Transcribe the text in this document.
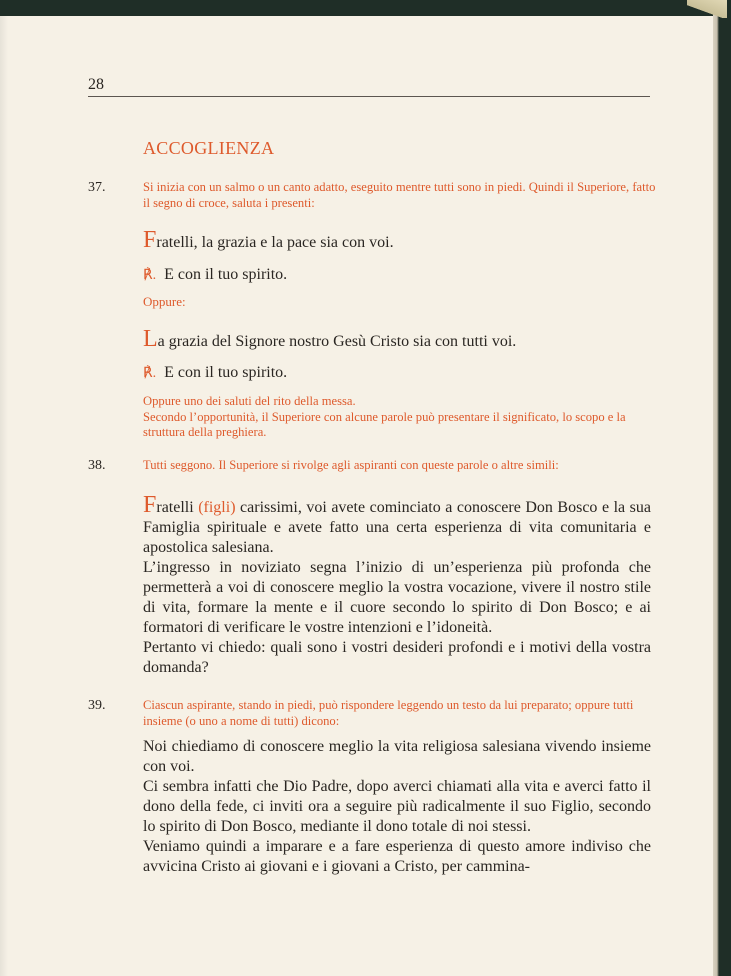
28
ACCOGLIENZA
37.	Si inizia con un salmo o un canto adatto, eseguito mentre tutti sono in piedi. Quindi il Superiore, fatto il segno di croce, saluta i presenti:
Fratelli, la grazia e la pace sia con voi.
℟. E con il tuo spirito.
Oppure:
La grazia del Signore nostro Gesù Cristo sia con tutti voi.
℟. E con il tuo spirito.

Oppure uno dei saluti del rito della messa.

Secondo l’opportunità, il Superiore con alcune parole può presentare il significato, lo scopo e la struttura della preghiera.

38.	Tutti seggono. Il Superiore si rivolge agli aspiranti con queste parole o altre simili:

Fratelli (figli) carissimi, voi avete cominciato a conoscere Don Bosco e la sua Famiglia spirituale e avete fatto una certa esperienza di vita comunitaria e apostolica salesiana.

L’ingresso in noviziato segna l’inizio di un’esperienza più profonda che permetterà a voi di conoscere meglio la vostra vocazione, vivere il nostro stile di vita, formare la mente e il cuore secondo lo spirito di Don Bosco; e ai formatori di verificare le vostre intenzioni e l’idoneità.

Pertanto vi chiedo: quali sono i vostri desideri profondi e i motivi della vostra domanda?

39.	Ciascun aspirante, stando in piedi, può rispondere leggendo un testo da lui preparato; oppure tutti insieme (o uno a nome di tutti) dicono:

Noi chiediamo di conoscere meglio la vita religiosa salesiana vivendo insieme con voi.

Ci sembra infatti che Dio Padre, dopo averci chiamati alla vita e averci fatto il dono della fede, ci inviti ora a seguire più radicalmente il suo Figlio, secondo lo spirito di Don Bosco, mediante il dono totale di noi stessi.

Veniamo quindi a imparare e a fare esperienza di questo amore indiviso che avvicina Cristo ai giovani e i giovani a Cristo, per cammina-
